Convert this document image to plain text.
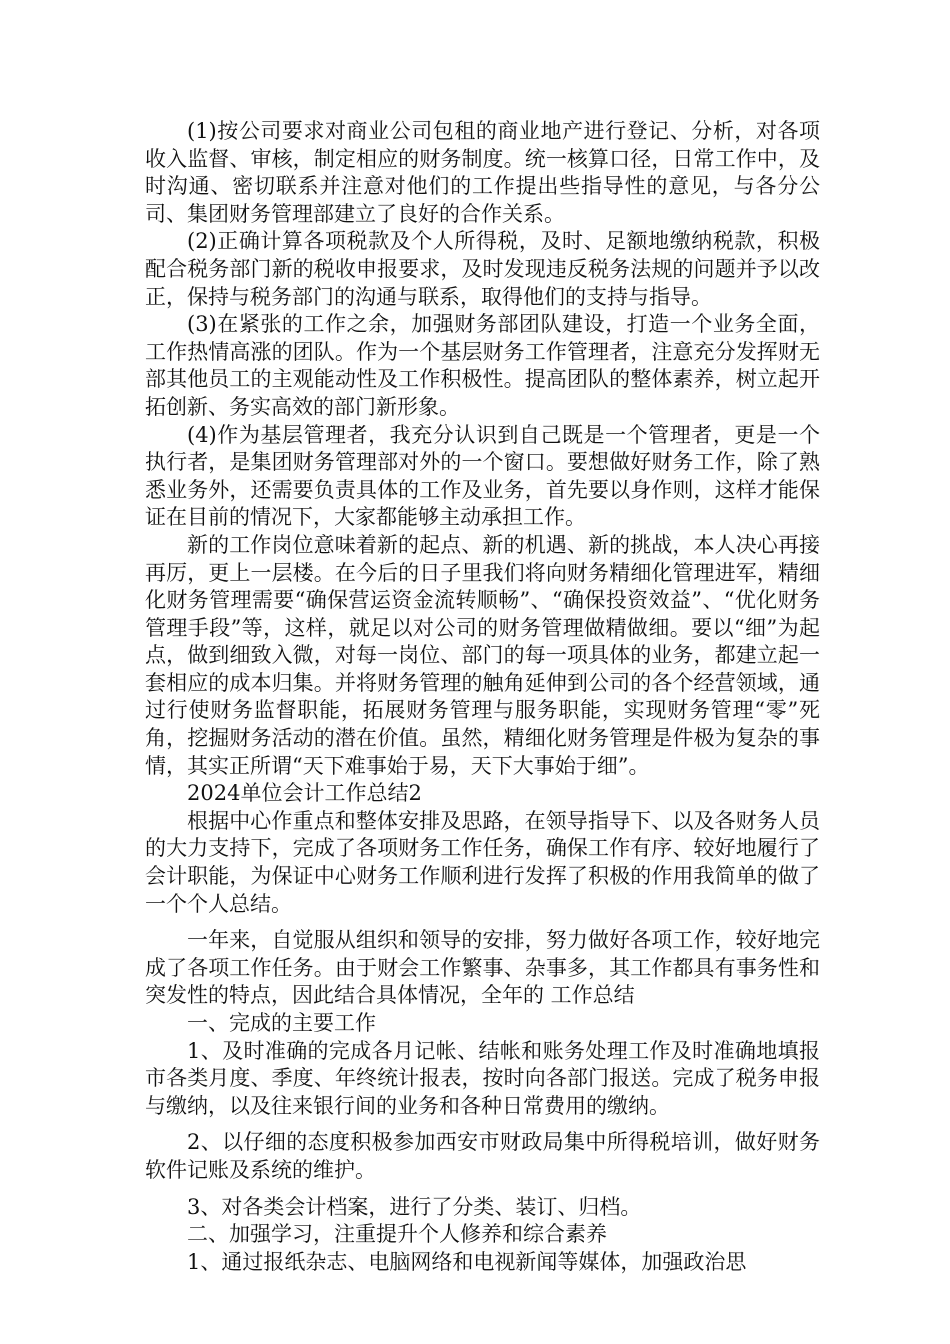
(1)按公司要求对商业公司包租的商业地产进行登记、分析，对各项收入监督、审核，制定相应的财务制度。统一核算口径，日常工作中，及时沟通、密切联系并注意对他们的工作提出些指导性的意见，与各分公司、集团财务管理部建立了良好的合作关系。

(2)正确计算各项税款及个人所得税，及时、足额地缴纳税款，积极配合税务部门新的税收申报要求，及时发现违反税务法规的问题并予以改正，保持与税务部门的沟通与联系，取得他们的支持与指导。

(3)在紧张的工作之余，加强财务部团队建设，打造一个业务全面，工作热情高涨的团队。作为一个基层财务工作管理者，注意充分发挥财无部其他员工的主观能动性及工作积极性。提高团队的整体素养，树立起开拓创新、务实高效的部门新形象。

(4)作为基层管理者，我充分认识到自己既是一个管理者，更是一个执行者，是集团财务管理部对外的一个窗口。要想做好财务工作，除了熟悉业务外，还需要负责具体的工作及业务，首先要以身作则，这样才能保证在目前的情况下，大家都能够主动承担工作。

新的工作岗位意味着新的起点、新的机遇、新的挑战，本人决心再接再厉，更上一层楼。在今后的日子里我们将向财务精细化管理进军，精细化财务管理需要“确保营运资金流转顺畅”、“确保投资效益”、“优化财务管理手段”等，这样，就足以对公司的财务管理做精做细。要以“细”为起点，做到细致入微，对每一岗位、部门的每一项具体的业务，都建立起一套相应的成本归集。并将财务管理的触角延伸到公司的各个经营领域，通过行使财务监督职能，拓展财务管理与服务职能，实现财务管理“零”死角，挖掘财务活动的潜在价值。虽然，精细化财务管理是件极为复杂的事情，其实正所谓“天下难事始于易，天下大事始于细”。

2024单位会计工作总结2

根据中心作重点和整体安排及思路，在领导指导下、以及各财务人员的大力支持下，完成了各项财务工作任务，确保工作有序、较好地履行了会计职能，为保证中心财务工作顺利进行发挥了积极的作用我简单的做了一个个人总结。

一年来，自觉服从组织和领导的安排，努力做好各项工作，较好地完成了各项工作任务。由于财会工作繁事、杂事多，其工作都具有事务性和突发性的特点，因此结合具体情况，全年的 工作总结

一、完成的主要工作

1、及时准确的完成各月记帐、结帐和账务处理工作及时准确地填报市各类月度、季度、年终统计报表，按时向各部门报送。完成了税务申报与缴纳，以及往来银行间的业务和各种日常费用的缴纳。

2、以仔细的态度积极参加西安市财政局集中所得税培训，做好财务软件记账及系统的维护。

3、对各类会计档案，进行了分类、装订、归档。

二、加强学习，注重提升个人修养和综合素养

1、通过报纸杂志、电脑网络和电视新闻等媒体，加强政治思
